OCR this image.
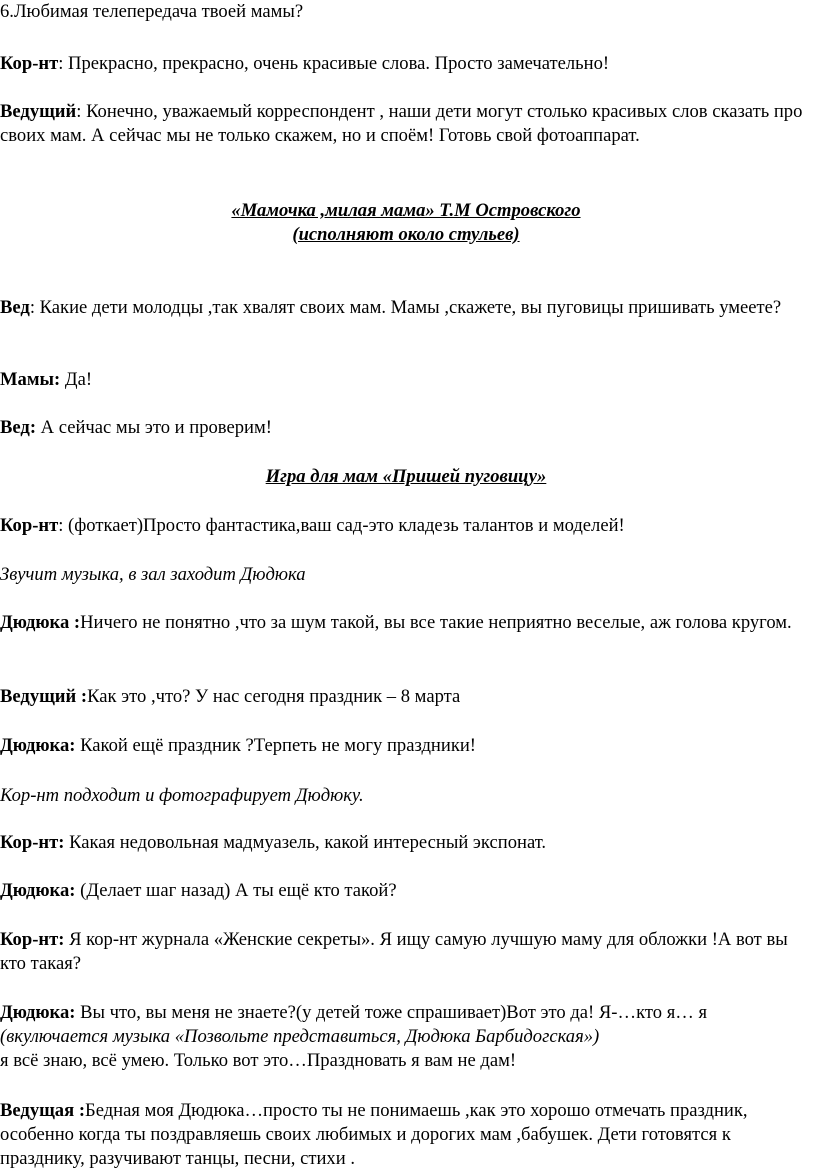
6.Любимая телепередача твоей мамы?

Кор-нт: Прекрасно, прекрасно, очень красивые слова. Просто замечательно!

Ведущий: Конечно, уважаемый корреспондент , наши дети могут столько красивых слов сказать про своих мам. А сейчас мы не только скажем, но и споём! Готовь свой фотоаппарат.

«Мамочка ,милая мама» Т.М Островского

(исполняют около стульев)

Вед: Какие дети молодцы ,так хвалят своих мам. Мамы ,скажете, вы пуговицы пришивать умеете?

Мамы: Да!

Вед: А сейчас мы это и проверим!

Игра для мам «Пришей пуговицу»

Кор-нт: (фоткает)Просто фантастика,ваш сад-это кладезь талантов и моделей!

Звучит музыка, в зал заходит Дюдюка

Дюдюка :Ничего не понятно ,что за шум такой, вы все такие неприятно веселые, аж голова кругом.

Ведущий :Как это ,что? У нас сегодня праздник – 8 марта

Дюдюка: Какой ещё праздник ?Терпеть не могу праздники!

Кор-нт подходит и фотографирует Дюдюку.

Кор-нт: Какая недовольная мадмуазель, какой интересный экспонат.

Дюдюка: (Делает шаг назад) А ты ещё кто такой?

Кор-нт: Я кор-нт журнала «Женские секреты». Я ищу самую лучшую маму для обложки !А вот вы кто такая?

Дюдюка: Вы что, вы меня не знаете?(у детей тоже спрашивает)Вот это да! Я-…кто я… я
(вкулючается музыка «Позвольте представиться, Дюдюка Барбидогская»)
я всё знаю, всё умею. Только вот это…Праздновать я вам не дам!

Ведущая :Бедная моя Дюдюка…просто ты не понимаешь ,как это хорошо отмечать праздник, особенно когда ты поздравляешь своих любимых и дорогих мам ,бабушек. Дети готовятся к празднику, разучивают танцы, песни, стихи .
